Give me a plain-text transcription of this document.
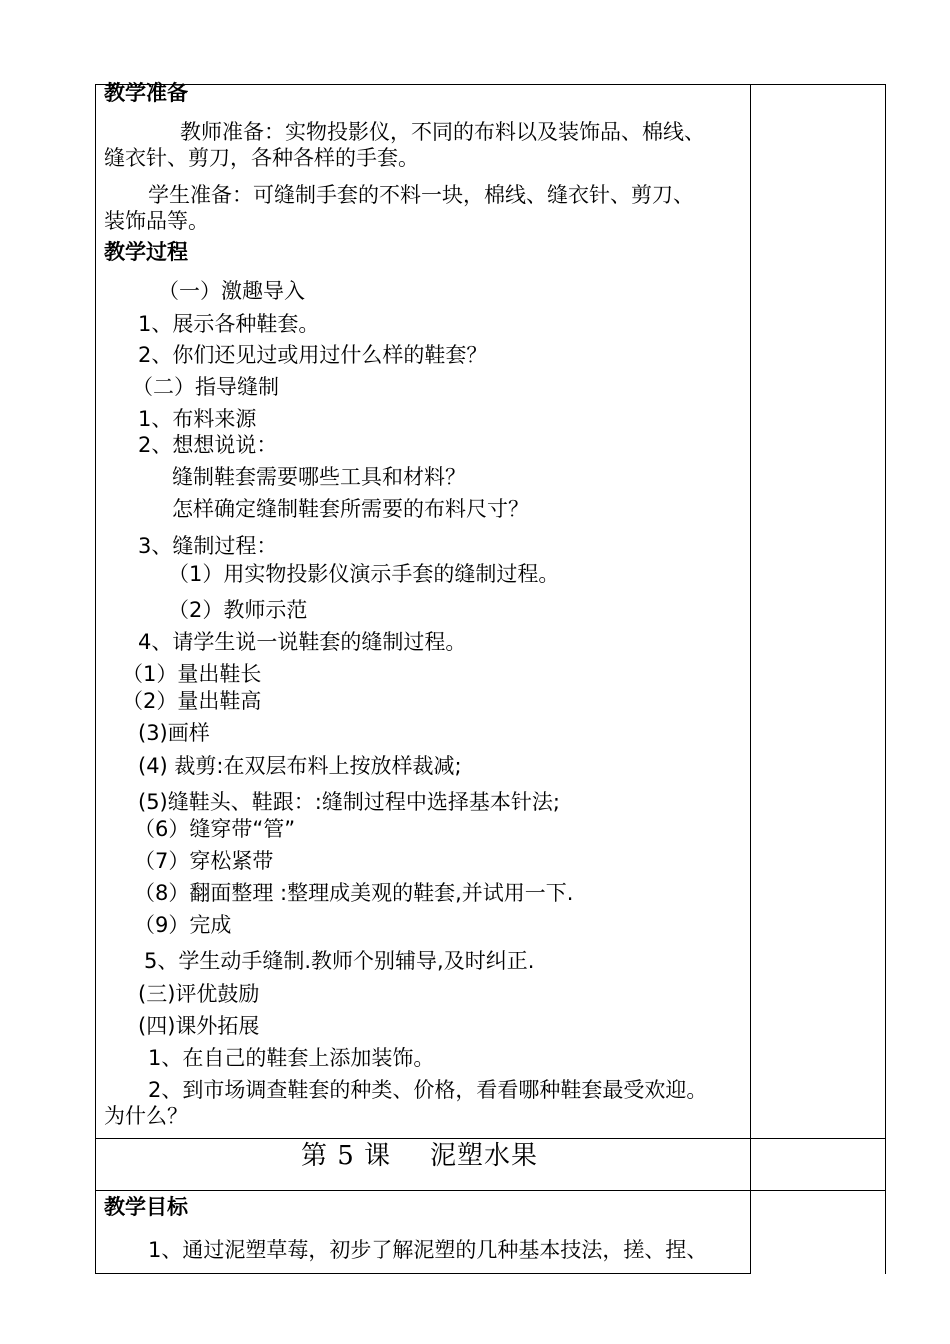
教学准备
教师准备：实物投影仪，不同的布料以及装饰品、棉线、
缝衣针、剪刀，各种各样的手套。
学生准备：可缝制手套的不料一块，棉线、缝衣针、剪刀、
装饰品等。
教学过程
（一）激趣导入
1、展示各种鞋套。
2、你们还见过或用过什么样的鞋套？
（二）指导缝制
1、布料来源
2、想想说说：
缝制鞋套需要哪些工具和材料？
怎样确定缝制鞋套所需要的布料尺寸？
3、缝制过程：
（1）用实物投影仪演示手套的缝制过程。
（2）教师示范
4、请学生说一说鞋套的缝制过程。
（1）量出鞋长
（2）量出鞋高
(3)画样
(4) 裁剪:在双层布料上按放样裁减;
(5)缝鞋头、鞋跟：:缝制过程中选择基本针法;
（6）缝穿带“管”
（7）穿松紧带
（8）翻面整理 :整理成美观的鞋套,并试用一下.
（9）完成
5、学生动手缝制.教师个别辅导,及时纠正.
(三)评优鼓励
(四)课外拓展
1、在自己的鞋套上添加装饰。
2、到市场调查鞋套的种类、价格，看看哪种鞋套最受欢迎。
为什么？
第 5 课 泥塑水果
教学目标
1、通过泥塑草莓，初步了解泥塑的几种基本技法，搓、捏、
